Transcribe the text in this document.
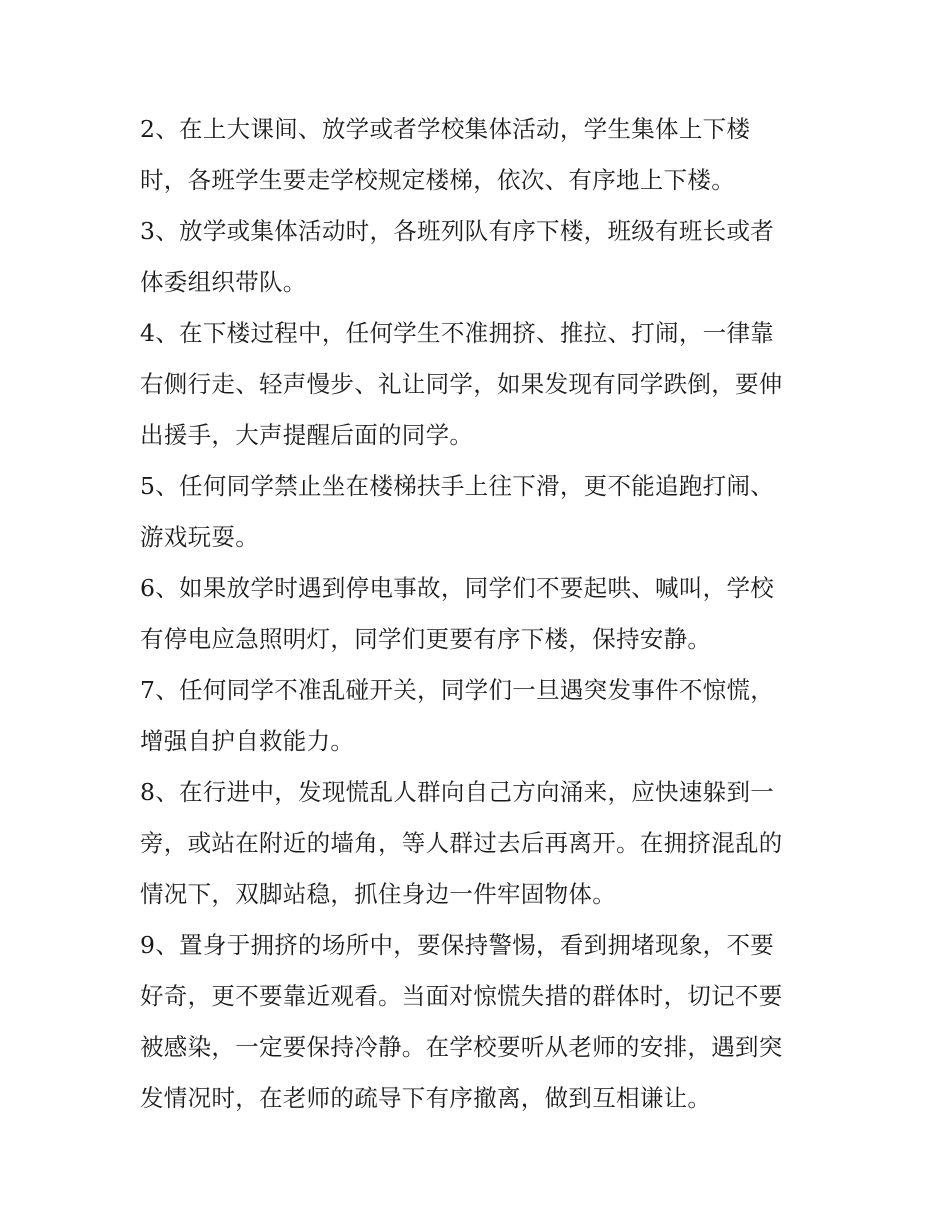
2、在上大课间、放学或者学校集体活动，学生集体上下楼
时，各班学生要走学校规定楼梯，依次、有序地上下楼。
3、放学或集体活动时，各班列队有序下楼，班级有班长或者
体委组织带队。
4、在下楼过程中，任何学生不准拥挤、推拉、打闹，一律靠
右侧行走、轻声慢步、礼让同学，如果发现有同学跌倒，要伸
出援手，大声提醒后面的同学。
5、任何同学禁止坐在楼梯扶手上往下滑，更不能追跑打闹、
游戏玩耍。
6、如果放学时遇到停电事故，同学们不要起哄、喊叫，学校
有停电应急照明灯，同学们更要有序下楼，保持安静。
7、任何同学不准乱碰开关，同学们一旦遇突发事件不惊慌，
增强自护自救能力。
8、在行进中，发现慌乱人群向自己方向涌来，应快速躲到一
旁，或站在附近的墙角，等人群过去后再离开。在拥挤混乱的
情况下，双脚站稳，抓住身边一件牢固物体。
9、置身于拥挤的场所中，要保持警惕，看到拥堵现象，不要
好奇，更不要靠近观看。当面对惊慌失措的群体时，切记不要
被感染，一定要保持冷静。在学校要听从老师的安排，遇到突
发情况时，在老师的疏导下有序撤离，做到互相谦让。
